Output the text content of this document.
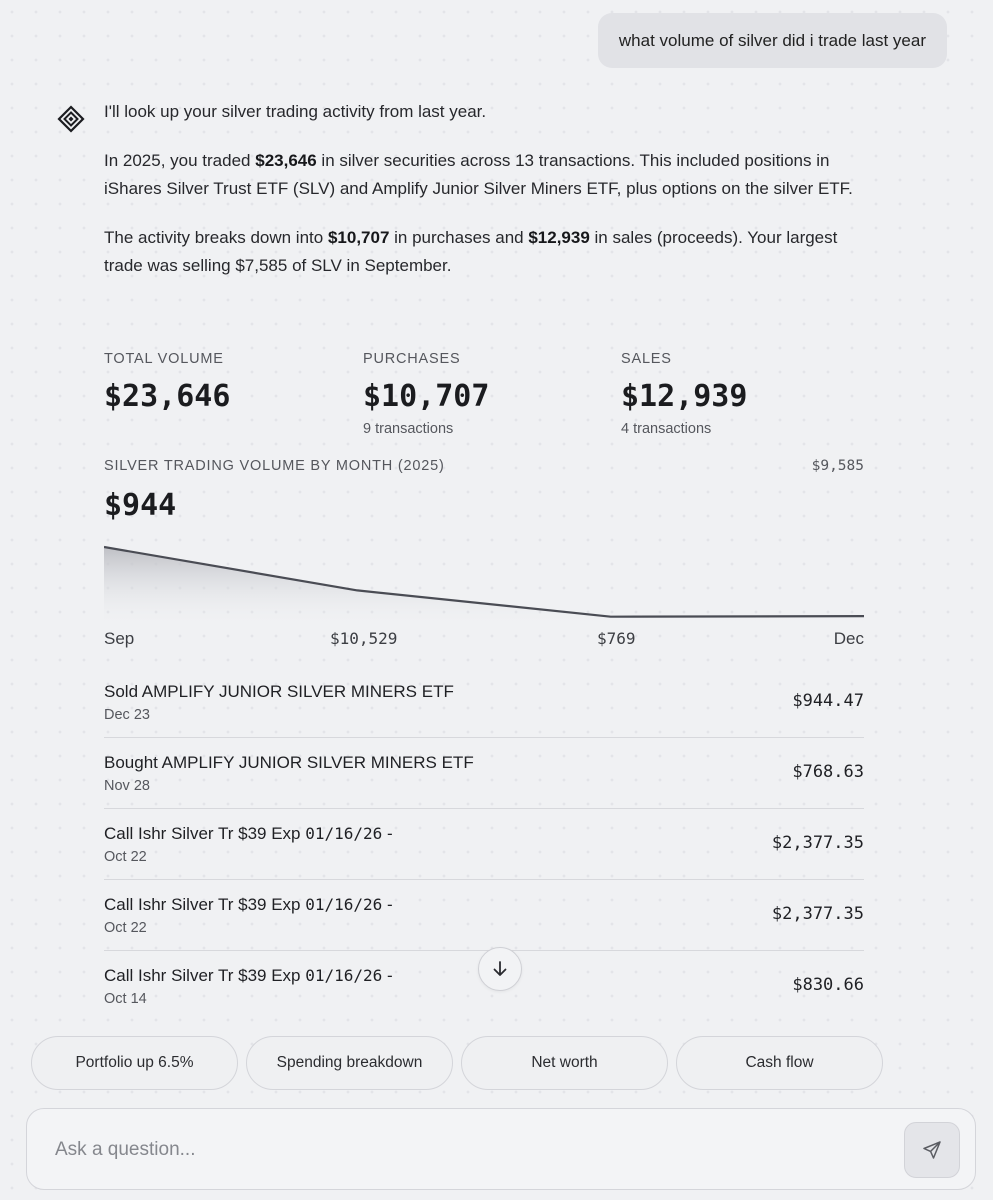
what volume of silver did i trade last year

I'll look up your silver trading activity from last year.

In 2025, you traded $23,646 in silver securities across 13 transactions. This included positions in iShares Silver Trust ETF (SLV) and Amplify Junior Silver Miners ETF, plus options on the silver ETF.

The activity breaks down into $10,707 in purchases and $12,939 in sales (proceeds). Your largest trade was selling $7,585 of SLV in September.

TOTAL VOLUME
$23,646
PURCHASES
$10,707
9 transactions
SALES
$12,939
4 transactions
SILVER TRADING VOLUME BY MONTH (2025)	$9,585
$944
Sep	$10,529	$769	Dec
Sold AMPLIFY JUNIOR SILVER MINERS ETF
Dec 23
$944.47
Bought AMPLIFY JUNIOR SILVER MINERS ETF
Nov 28
$768.63
Call Ishr Silver Tr $39 Exp 01/16/26 -
Oct 22
$2,377.35
Call Ishr Silver Tr $39 Exp 01/16/26 -
Oct 22
$2,377.35
Call Ishr Silver Tr $39 Exp 01/16/26 -
Oct 14
$830.66
Portfolio up 6.5%	Spending breakdown	Net worth	Cash flow
Ask a question...
